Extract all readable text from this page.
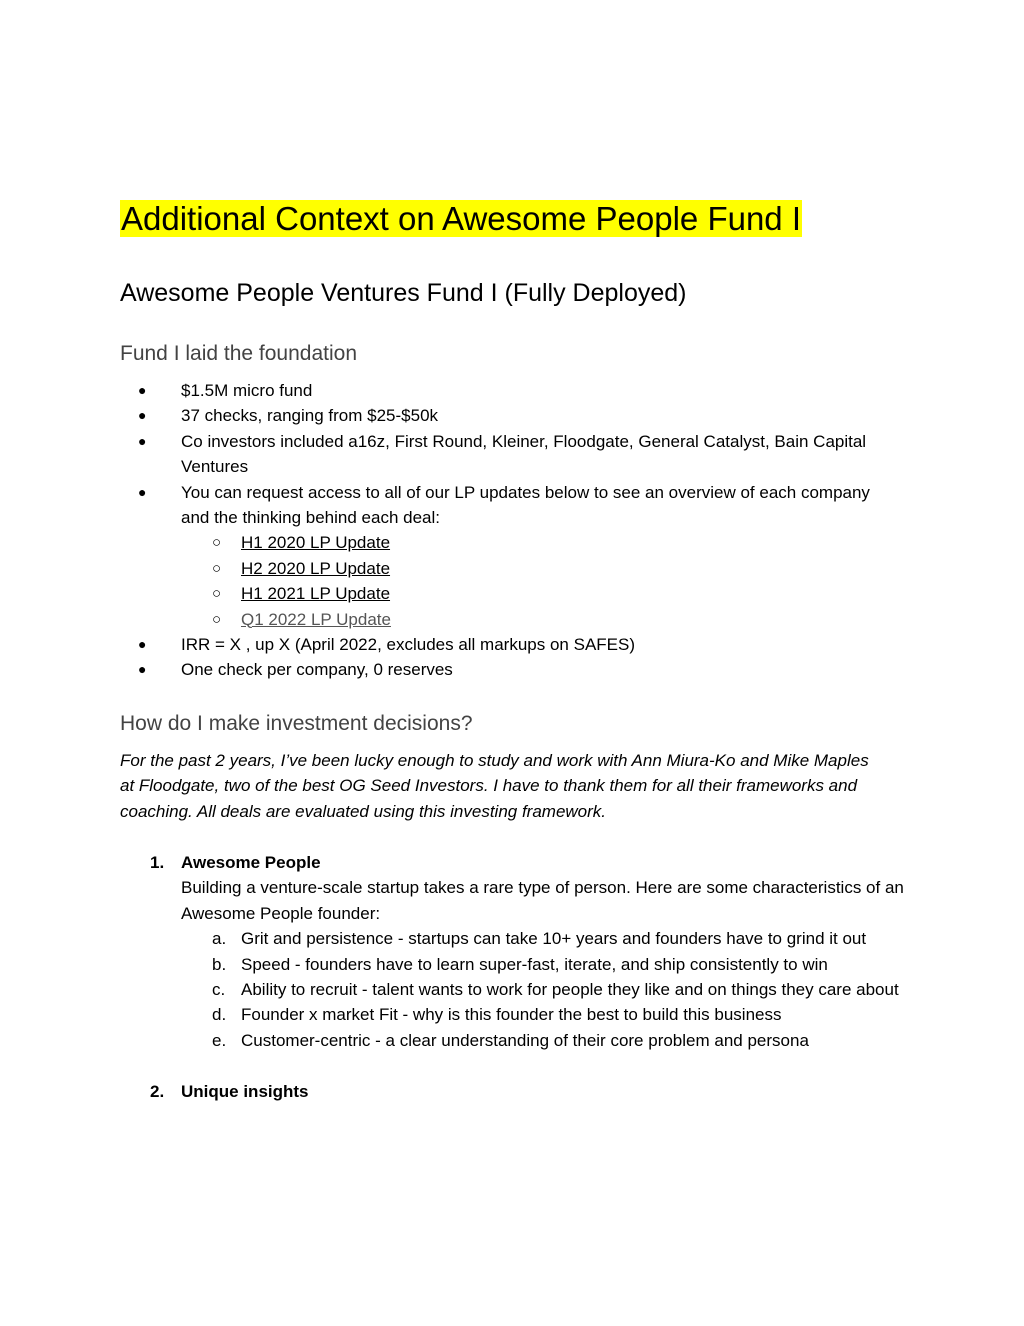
Additional Context on Awesome People Fund I
Awesome People Ventures Fund I (Fully Deployed)
Fund I laid the foundation
● $1.5M micro fund
● 37 checks, ranging from $25-$50k
● Co investors included a16z, First Round, Kleiner, Floodgate, General Catalyst, Bain Capital Ventures
● You can request access to all of our LP updates below to see an overview of each company and the thinking behind each deal:
○ H1 2020 LP Update
○ H2 2020 LP Update
○ H1 2021 LP Update
○ Q1 2022 LP Update
● IRR = X , up X (April 2022, excludes all markups on SAFES)
● One check per company, 0 reserves
How do I make investment decisions?

For the past 2 years, I’ve been lucky enough to study and work with Ann Miura-Ko and Mike Maples at Floodgate, two of the best OG Seed Investors. I have to thank them for all their frameworks and coaching. All deals are evaluated using this investing framework.

1. Awesome People
Building a venture-scale startup takes a rare type of person. Here are some characteristics of an Awesome People founder:
a. Grit and persistence - startups can take 10+ years and founders have to grind it out
b. Speed - founders have to learn super-fast, iterate, and ship consistently to win
c. Ability to recruit - talent wants to work for people they like and on things they care about
d. Founder x market Fit - why is this founder the best to build this business
e. Customer-centric - a clear understanding of their core problem and persona
2. Unique insights
